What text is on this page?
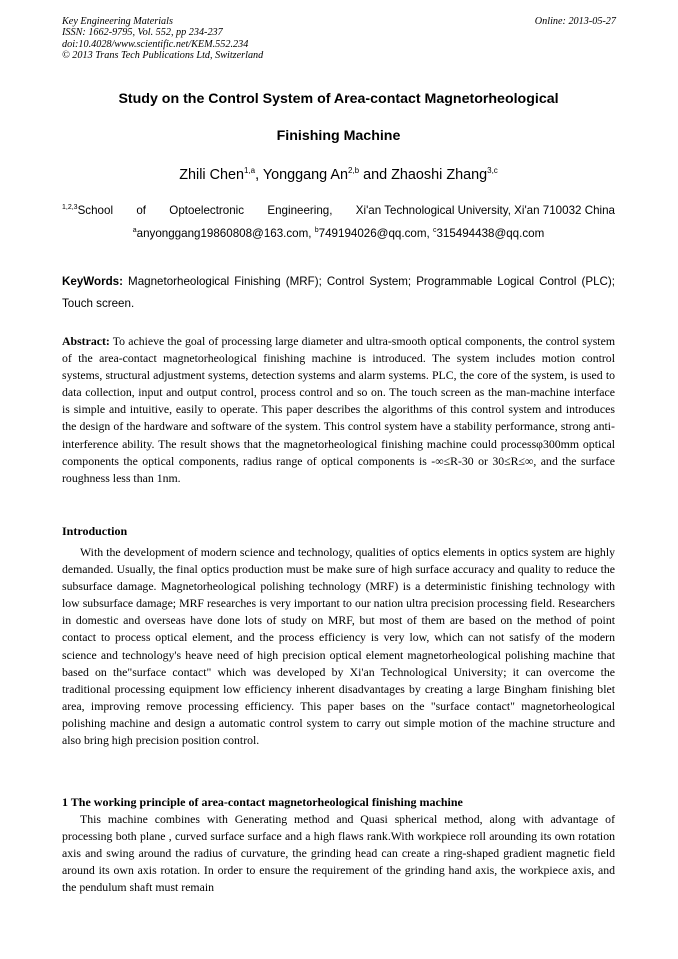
Key Engineering Materials
ISSN: 1662-9795, Vol. 552, pp 234-237
doi:10.4028/www.scientific.net/KEM.552.234
© 2013 Trans Tech Publications Ltd, Switzerland
Online: 2013-05-27
Study on the Control System of Area-contact Magnetorheological
Finishing Machine
Zhili Chen$^{1,a}$, Yonggang An$^{2,b}$ and Zhaoshi Zhang$^{3,c}$
$^{1,2,3}$School of Optoelectronic Engineering, Xi'an Technological University, Xi'an 710032 China
$^a$anyonggang19860808@163.com, $^b$749194026@qq.com, $^c$315494438@qq.com
KeyWords: Magnetorheological Finishing (MRF); Control System; Programmable Logical Control (PLC); Touch screen.
Abstract: To achieve the goal of processing large diameter and ultra-smooth optical components, the control system of the area-contact magnetorheological finishing machine is introduced. The system includes motion control systems, structural adjustment systems, detection systems and alarm systems. PLC, the core of the system, is used to data collection, input and output control, process control and so on. The touch screen as the man-machine interface is simple and intuitive, easily to operate. This paper describes the algorithms of this control system and introduces the design of the hardware and software of the system. This control system have a stability performance, strong anti-interference ability. The result shows that the magnetorheological finishing machine could processφ300mm optical components the optical components, radius range of optical components is -∞≤R-30 or 30≤R≤∞, and the surface roughness less than 1nm.
Introduction
With the development of modern science and technology, qualities of optics elements in optics system are highly demanded. Usually, the final optics production must be make sure of high surface accuracy and quality to reduce the subsurface damage. Magnetorheological polishing technology (MRF) is a deterministic finishing technology with low subsurface damage; MRF researches is very important to our nation ultra precision processing field. Researchers in domestic and overseas have done lots of study on MRF, but most of them are based on the method of point contact to process optical element, and the process efficiency is very low, which can not satisfy of the modern science and technology's heave need of high precision optical element magnetorheological polishing machine that based on the"surface contact" which was developed by Xi'an Technological University; it can overcome the traditional processing equipment low efficiency inherent disadvantages by creating a large Bingham finishing blet area, improving remove processing efficiency. This paper bases on the "surface contact" magnetorheological polishing machine and design a automatic control system to carry out simple motion of the machine structure and also bring high precision position control.
1 The working principle of area-contact magnetorheological finishing machine
This machine combines with Generating method and Quasi spherical method, along with advantage of processing both plane , curved surface surface and a high flaws rank.With workpiece roll arounding its own rotation axis and swing around the radius of curvature, the grinding head can create a ring-shaped gradient magnetic field around its own axis rotation. In order to ensure the requirement of the grinding hand axis, the workpiece axis, and the pendulum shaft must remain
